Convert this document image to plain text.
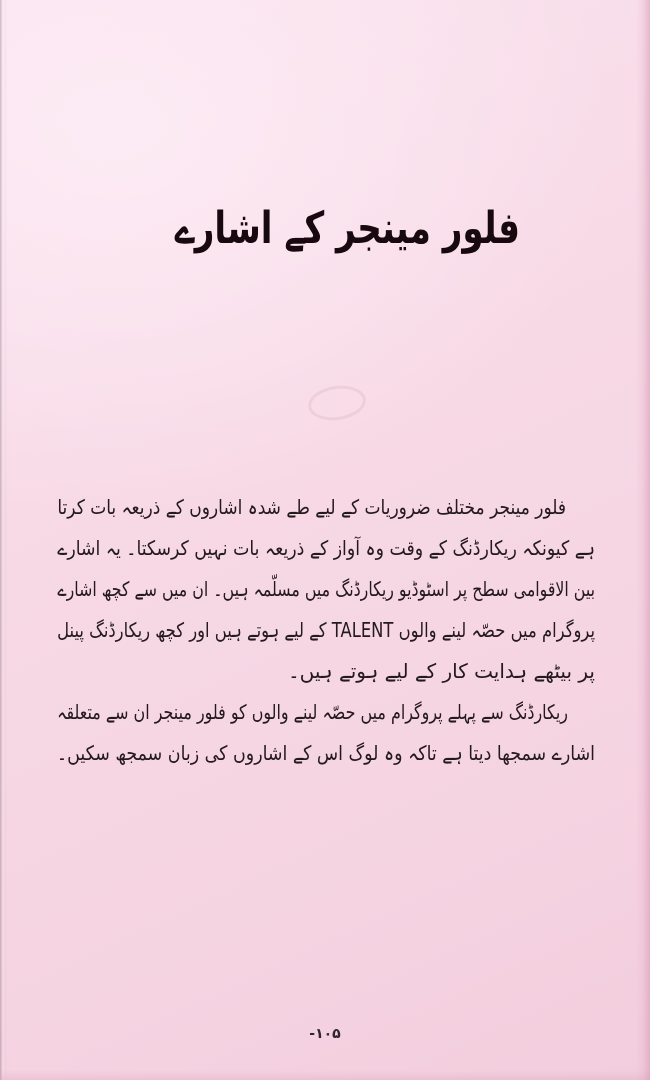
فلور مینجر کے اشارے
فلور مینجر مختلف ضروریات کے لیے طے شدہ اشاروں کے ذریعہ بات کرتا
ہے کیونکہ ریکارڈنگ کے وقت وہ آواز کے ذریعہ بات نہیں کرسکتا۔ یہ اشارے
بین الاقوامی سطح پر اسٹوڈیو ریکارڈنگ میں مسلّمہ ہیں۔ ان میں سے کچھ اشارے
پروگرام میں حصّہ لینے والوں TALENT کے لیے ہوتے ہیں اور کچھ ریکارڈنگ پینل
پر بیٹھے ہدایت کار کے لیے ہوتے ہیں۔
ریکارڈنگ سے پہلے پروگرام میں حصّہ لینے والوں کو فلور مینجر ان سے متعلقہ
اشارے سمجھا دیتا ہے تاکہ وہ لوگ اس کے اشاروں کی زبان سمجھ سکیں۔
-۱۰۵
